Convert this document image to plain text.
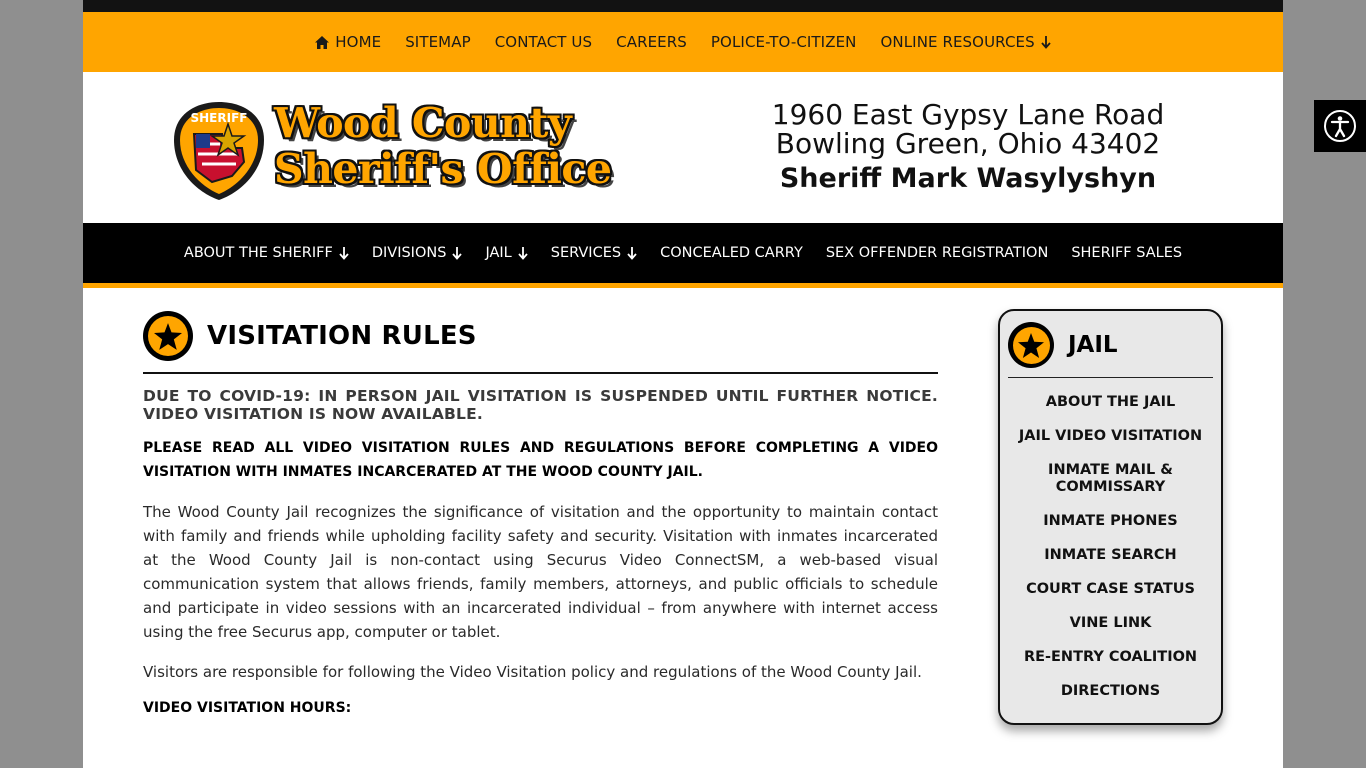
HOME SITEMAP CONTACT US CAREERS POLICE-TO-CITIZEN ONLINE RESOURCES
SHERIFF Wood County
Sheriff's Office
1960 East Gypsy Lane Road
Bowling Green, Ohio 43402
Sheriff Mark Wasylyshyn
ABOUT THE SHERIFF	DIVISIONS	JAIL	SERVICES	CONCEALED CARRY SEX OFFENDER REGISTRATION SHERIFF SALES
VISITATION RULES

DUE TO COVID-19: IN PERSON JAIL VISITATION IS SUSPENDED UNTIL FURTHER NOTICE. VIDEO VISITATION IS NOW AVAILABLE.

PLEASE READ ALL VIDEO VISITATION RULES AND REGULATIONS BEFORE COMPLETING A VIDEO VISITATION WITH INMATES INCARCERATED AT THE WOOD COUNTY JAIL.

The Wood County Jail recognizes the significance of visitation and the opportunity to maintain contact with family and friends while upholding facility safety and security. Visitation with inmates incarcerated at the Wood County Jail is non-contact using Securus Video ConnectSM, a web-based visual communication system that allows friends, family members, attorneys, and public officials to schedule and participate in video sessions with an incarcerated individual – from anywhere with internet access using the free Securus app, computer or tablet.

Visitors are responsible for following the Video Visitation policy and regulations of the Wood County Jail.

VIDEO VISITATION HOURS:

JAIL
ABOUT THE JAIL
JAIL VIDEO VISITATION
INMATE MAIL & COMMISSARY
INMATE PHONES
INMATE SEARCH
COURT CASE STATUS
VINE LINK
RE-ENTRY COALITION
DIRECTIONS
